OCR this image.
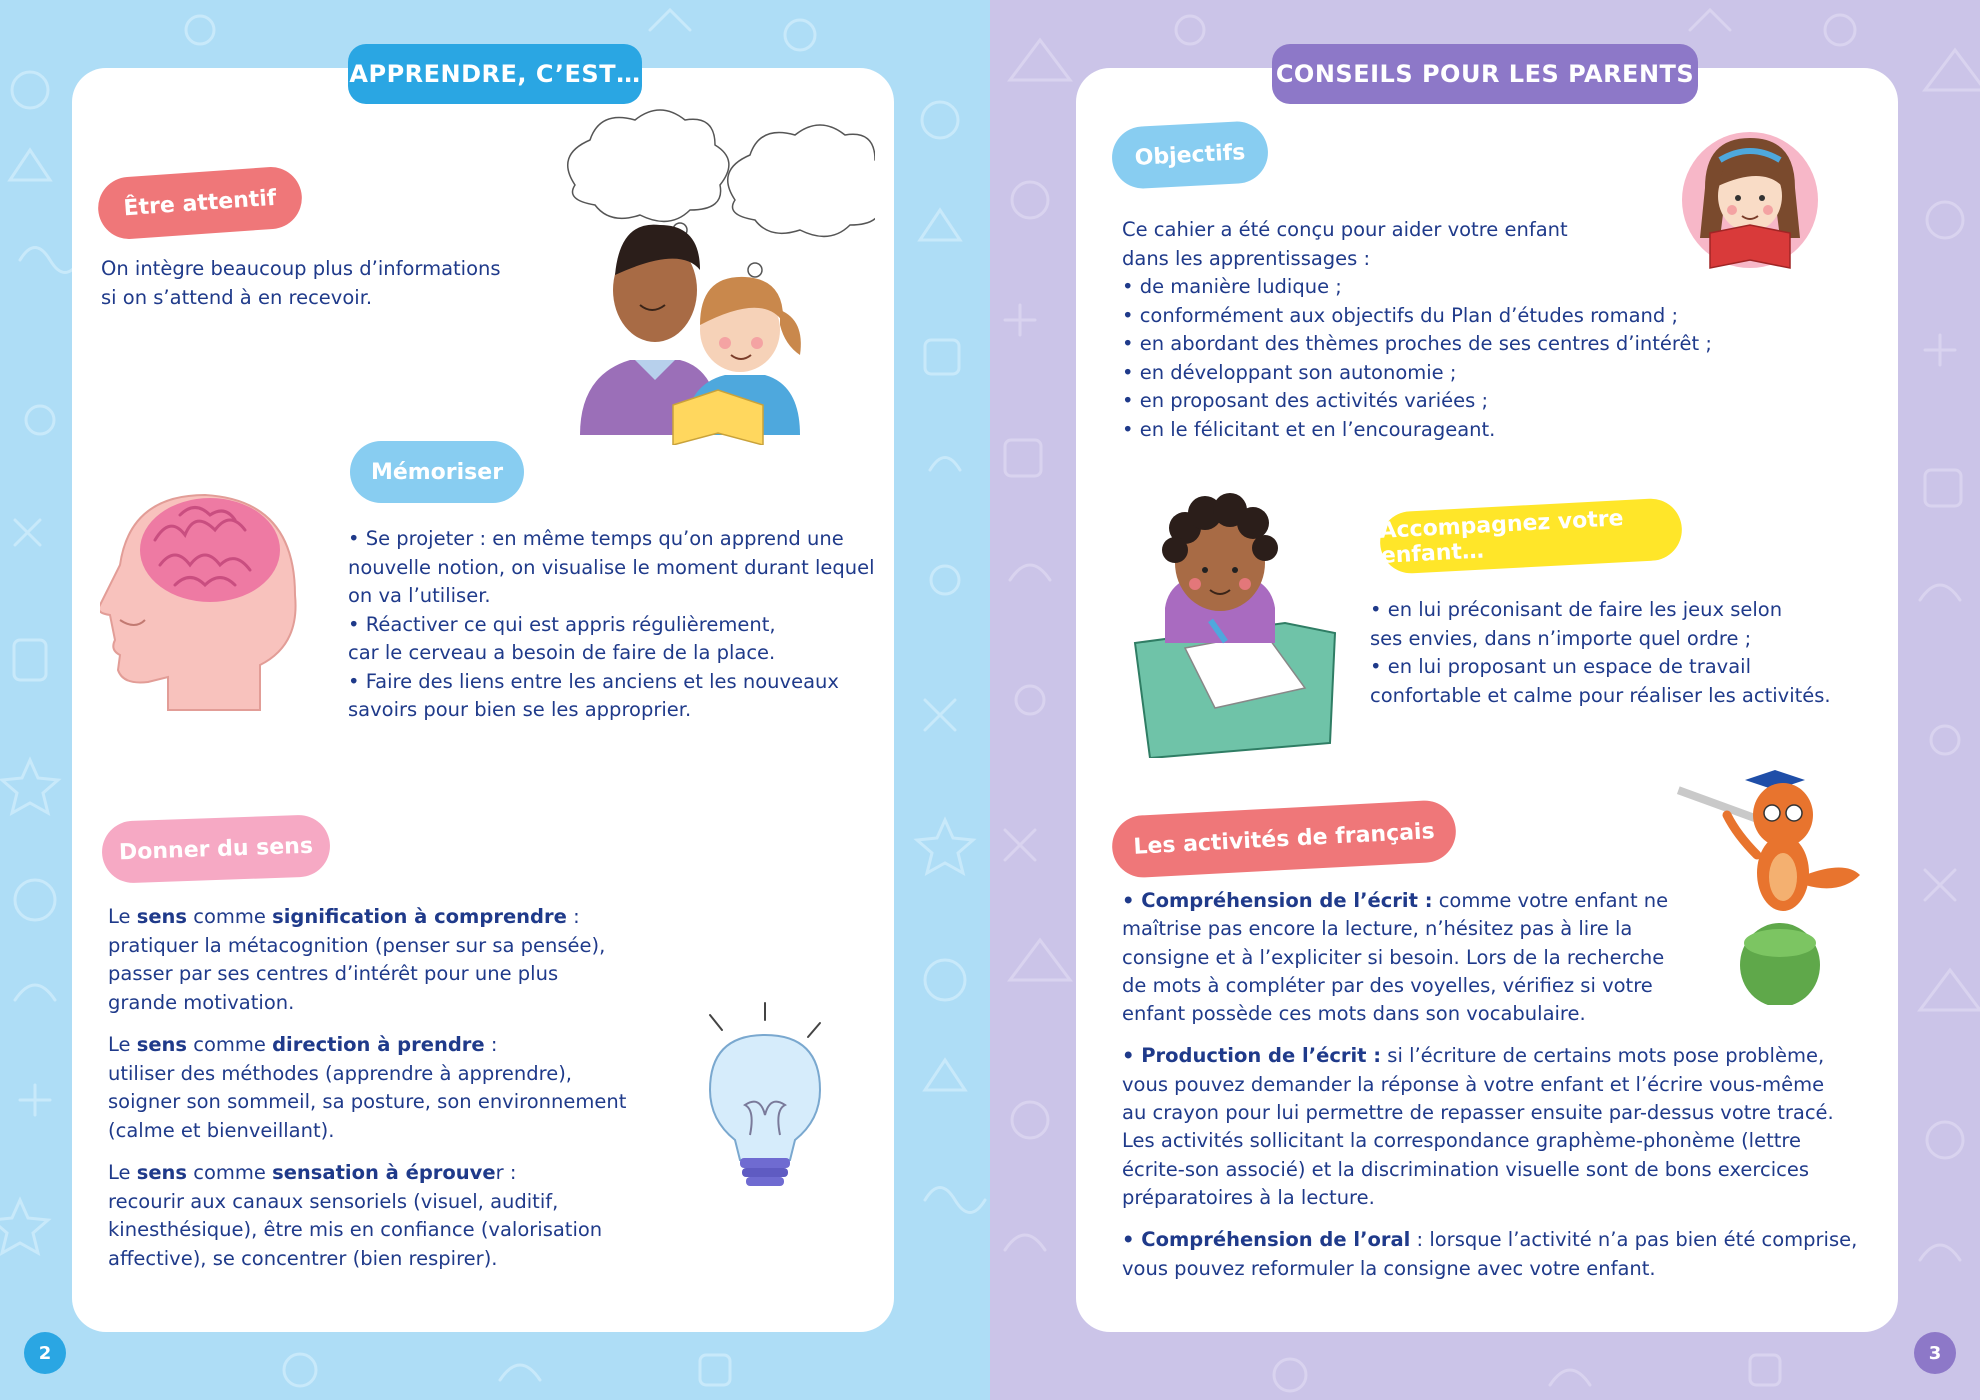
APPRENDRE, C’EST…
Être attentif

On intègre beaucoup plus d’informations

si on s’attend à en recevoir.

Mémoriser

• Se projeter : en même temps qu’on apprend une

nouvelle notion, on visualise le moment durant lequel

on va l’utiliser.

• Réactiver ce qui est appris régulièrement,

car le cerveau a besoin de faire de la place.

• Faire des liens entre les anciens et les nouveaux

savoirs pour bien se les approprier.

Donner du sens

Le sens comme signification à comprendre :

pratiquer la métacognition (penser sur sa pensée),

passer par ses centres d’intérêt pour une plus

grande motivation.

Le sens comme direction à prendre :

utiliser des méthodes (apprendre à apprendre),

soigner son sommeil, sa posture, son environnement

(calme et bienveillant).

Le sens comme sensation à éprouver :

recourir aux canaux sensoriels (visuel, auditif,

kinesthésique), être mis en confiance (valorisation

affective), se concentrer (bien respirer).

2
CONSEILS POUR LES PARENTS
Objectifs

Ce cahier a été conçu pour aider votre enfant

dans les apprentissages :

• de manière ludique ;

• conformément aux objectifs du Plan d’études romand ;

• en abordant des thèmes proches de ses centres d’intérêt ;

• en développant son autonomie ;

• en proposant des activités variées ;

• en le félicitant et en l’encourageant.

Accompagnez votre enfant…

• en lui préconisant de faire les jeux selon

ses envies, dans n’importe quel ordre ;

• en lui proposant un espace de travail

confortable et calme pour réaliser les activités.

Les activités de français

• Compréhension de l’écrit : comme votre enfant ne

maîtrise pas encore la lecture, n’hésitez pas à lire la

consigne et à l’expliciter si besoin. Lors de la recherche

de mots à compléter par des voyelles, vérifiez si votre

enfant possède ces mots dans son vocabulaire.

• Production de l’écrit : si l’écriture de certains mots pose problème,

vous pouvez demander la réponse à votre enfant et l’écrire vous-même

au crayon pour lui permettre de repasser ensuite par-dessus votre tracé.

Les activités sollicitant la correspondance graphème-phonème (lettre

écrite-son associé) et la discrimination visuelle sont de bons exercices

préparatoires à la lecture.

• Compréhension de l’oral : lorsque l’activité n’a pas bien été comprise,

vous pouvez reformuler la consigne avec votre enfant.

3
